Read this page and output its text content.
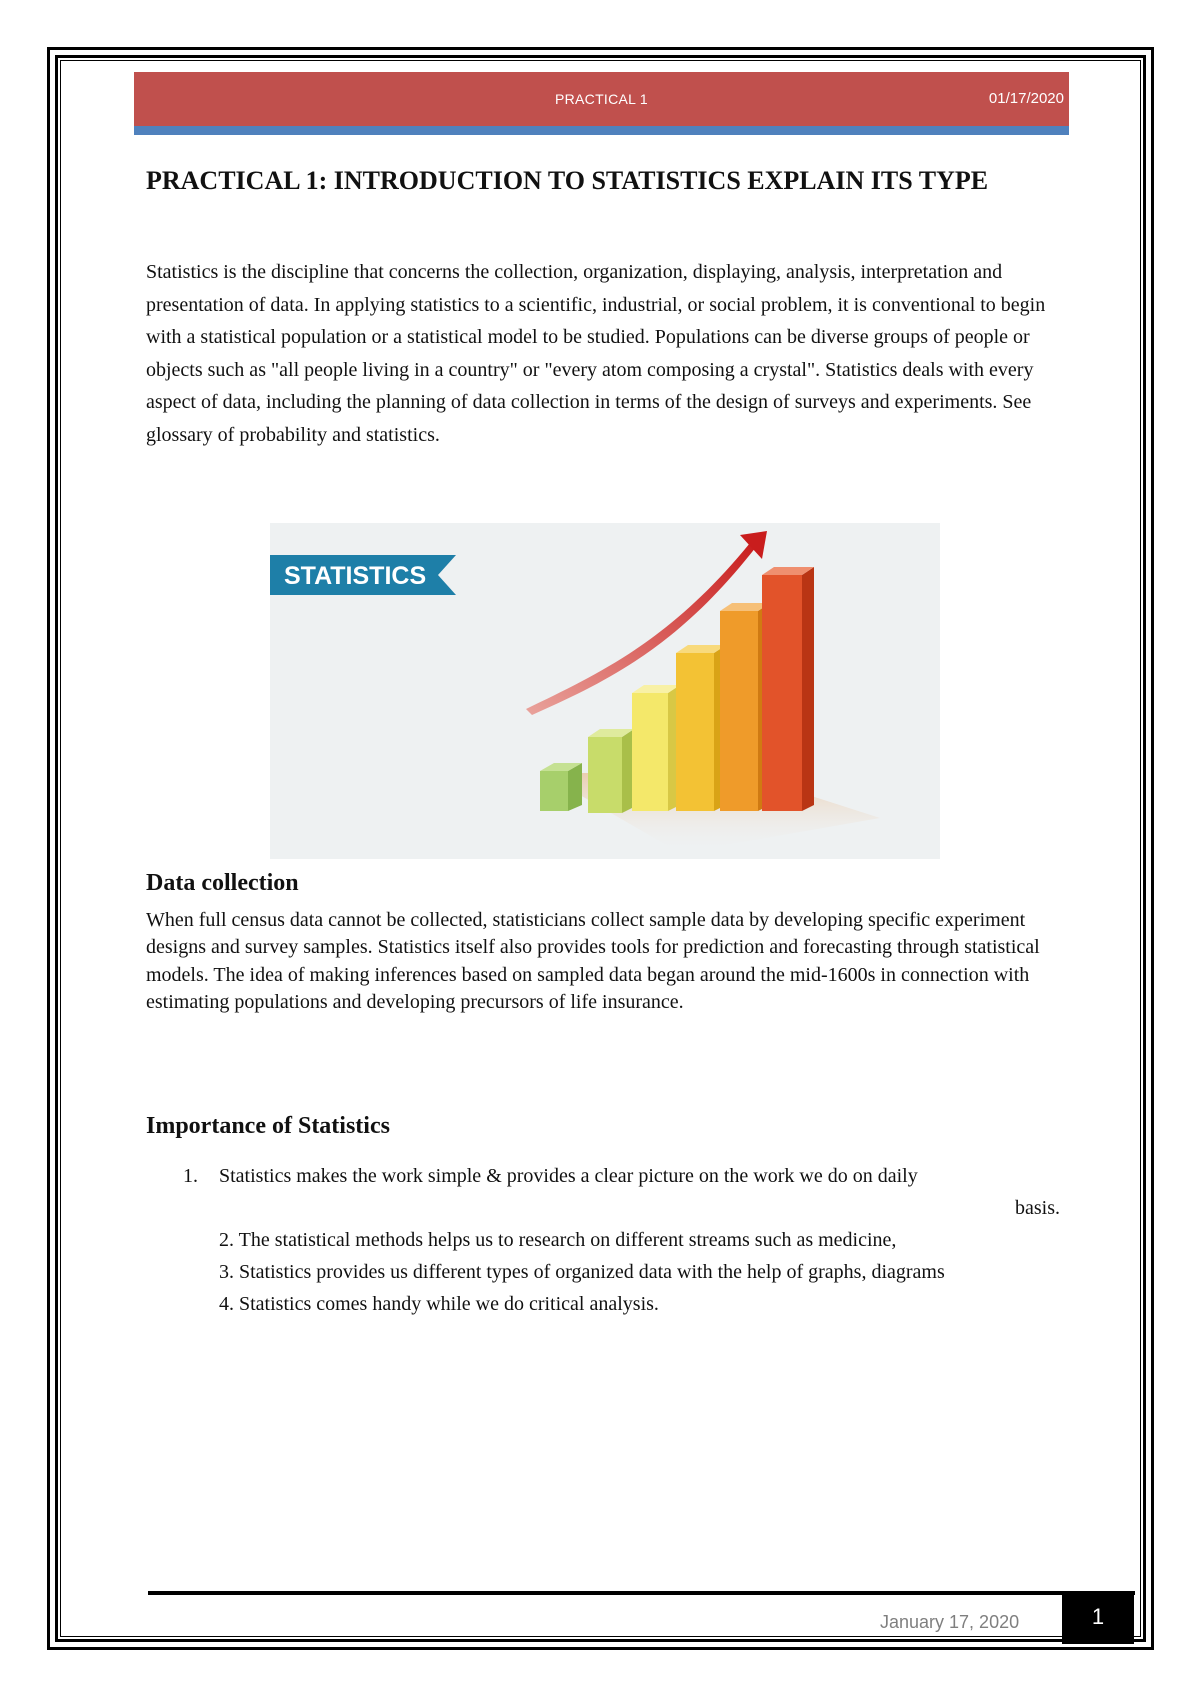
PRACTICAL 1	01/17/2020
PRACTICAL 1: INTRODUCTION TO STATISTICS EXPLAIN ITS TYPE

Statistics is the discipline that concerns the collection, organization, displaying, analysis, interpretation and presentation of data. In applying statistics to a scientific, industrial, or social problem, it is conventional to begin with a statistical population or a statistical model to be studied. Populations can be diverse groups of people or objects such as "all people living in a country" or "every atom composing a crystal". Statistics deals with every aspect of data, including the planning of data collection in terms of the design of surveys and experiments. See glossary of probability and statistics.

STATISTICS
Data collection

When full census data cannot be collected, statisticians collect sample data by developing specific experiment designs and survey samples. Statistics itself also provides tools for prediction and forecasting through statistical models. The idea of making inferences based on sampled data began around the mid-1600s in connection with estimating populations and developing precursors of life insurance.

Importance of Statistics
1.	Statistics makes the work simple & provides a clear picture on the work we do on daily
basis.
2. The statistical methods helps us to research on different streams such as medicine,
3. Statistics provides us different types of organized data with the help of graphs, diagrams
4. Statistics comes handy while we do critical analysis.
January 17, 2020	1
